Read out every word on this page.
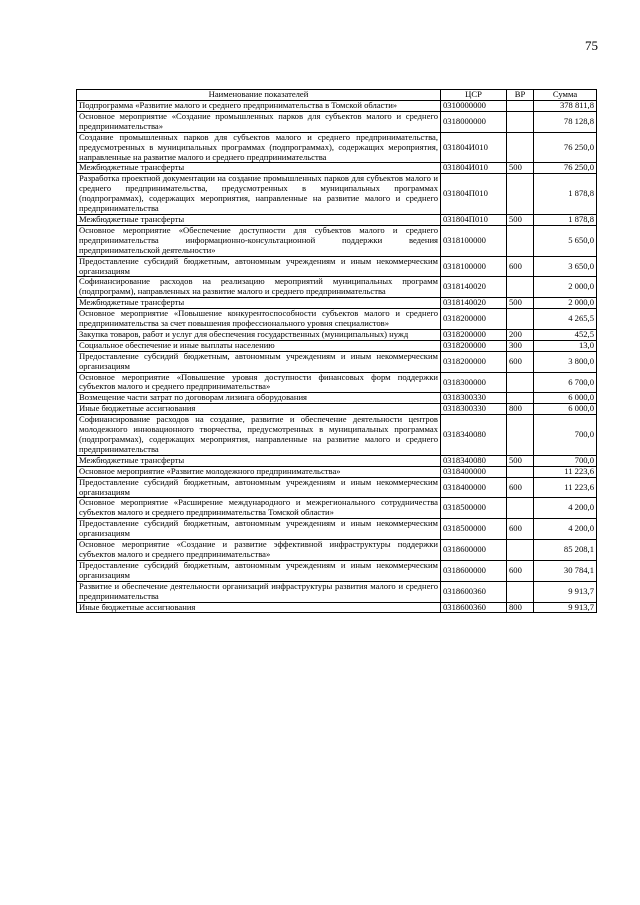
75
Наименование показателей	ЦСР	ВР	Сумма
Подпрограмма «Развитие малого и среднего предпринимательства в Томской области»	0310000000		378 811,8
Основное мероприятие «Создание промышленных парков для субъектов малого и среднего предпринимательства»	0318000000		78 128,8
Создание промышленных парков для субъектов малого и среднего предпринимательства, предусмотренных в муниципальных программах (подпрограммах), содержащих мероприятия, направленные на развитие малого и среднего предпринимательства	031804И010		76 250,0
Межбюджетные трансферты	031804И010	500	76 250,0
Разработка проектной документации на создание промышленных парков для субъектов малого и среднего предпринимательства, предусмотренных в муниципальных программах (подпрограммах), содержащих мероприятия, направленные на развитие малого и среднего предпринимательства	031804П010		1 878,8
Межбюджетные трансферты	031804П010	500	1 878,8
Основное мероприятие «Обеспечение доступности для субъектов малого и среднего предпринимательства информационно-консультационной поддержки ведения предпринимательской деятельности»	0318100000		5 650,0
Предоставление субсидий бюджетным, автономным учреждениям и иным некоммерческим организациям	0318100000	600	3 650,0
Софинансирование расходов на реализацию мероприятий муниципальных программ (подпрограмм), направленных на развитие малого и среднего предпринимательства	0318140020		2 000,0
Межбюджетные трансферты	0318140020	500	2 000,0
Основное мероприятие «Повышение конкурентоспособности субъектов малого и среднего предпринимательства за счет повышения профессионального уровня специалистов»	0318200000		4 265,5
Закупка товаров, работ и услуг для обеспечения государственных (муниципальных) нужд	0318200000	200	452,5
Социальное обеспечение и иные выплаты населению	0318200000	300	13,0
Предоставление субсидий бюджетным, автономным учреждениям и иным некоммерческим организациям	0318200000	600	3 800,0
Основное мероприятие «Повышение уровня доступности финансовых форм поддержки субъектов малого и среднего предпринимательства»	0318300000		6 700,0
Возмещение части затрат по договорам лизинга оборудования	0318300330		6 000,0
Иные бюджетные ассигнования	0318300330	800	6 000,0
Софинансирование расходов на создание, развитие и обеспечение деятельности центров молодежного инновационного творчества, предусмотренных в муниципальных программах (подпрограммах), содержащих мероприятия, направленные на развитие малого и среднего предпринимательства	0318340080		700,0
Межбюджетные трансферты	0318340080	500	700,0
Основное мероприятие «Развитие молодежного предпринимательства»	0318400000		11 223,6
Предоставление субсидий бюджетным, автономным учреждениям и иным некоммерческим организациям	0318400000	600	11 223,6
Основное мероприятие «Расширение международного и межрегионального сотрудничества субъектов малого и среднего предпринимательства Томской области»	0318500000		4 200,0
Предоставление субсидий бюджетным, автономным учреждениям и иным некоммерческим организациям	0318500000	600	4 200,0
Основное мероприятие «Создание и развитие эффективной инфраструктуры поддержки субъектов малого и среднего предпринимательства»	0318600000		85 208,1
Предоставление субсидий бюджетным, автономным учреждениям и иным некоммерческим организациям	0318600000	600	30 784,1
Развитие и обеспечение деятельности организаций инфраструктуры развития малого и среднего предпринимательства	0318600360		9 913,7
Иные бюджетные ассигнования	0318600360	800	9 913,7
